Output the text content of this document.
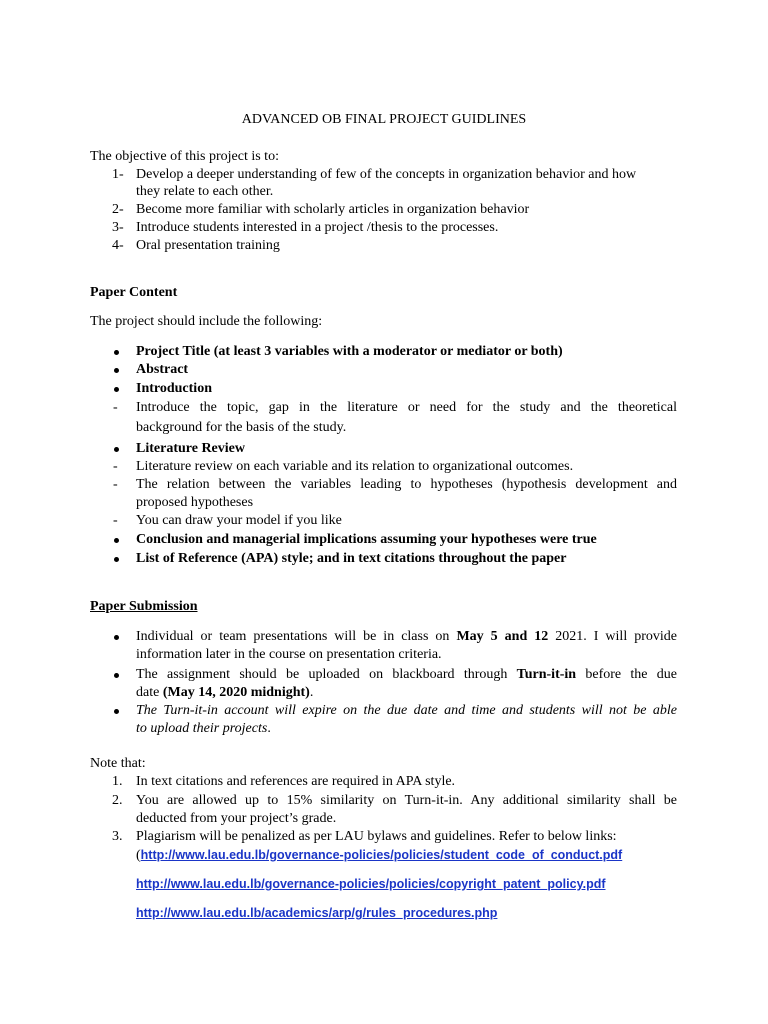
ADVANCED OB FINAL PROJECT GUIDLINES
The objective of this project is to:
1- Develop a deeper understanding of few of the concepts in organization behavior and how
they relate to each other.
2- Become more familiar with scholarly articles in organization behavior
3- Introduce students interested in a project /thesis to the processes.
4- Oral presentation training
Paper Content
The project should include the following:
Project Title (at least 3 variables with a moderator or mediator or both)
Abstract
Introduction
- Introduce the topic, gap in the literature or need for the study and the theoretical
background for the basis of the study.
Literature Review
- Literature review on each variable and its relation to organizational outcomes.
- The relation between the variables leading to hypotheses (hypothesis development and
proposed hypotheses
- You can draw your model if you like
Conclusion and managerial implications assuming your hypotheses were true
List of Reference (APA) style; and in text citations throughout the paper
Paper Submission
Individual or team presentations will be in class on May 5 and 12 2021. I will provide
information later in the course on presentation criteria.
The assignment should be uploaded on blackboard through Turn-it-in before the due
date (May 14, 2020 midnight).
The Turn-it-in account will expire on the due date and time and students will not be able
to upload their projects.
Note that:
1. In text citations and references are required in APA style.
2. You are allowed up to 15% similarity on Turn-it-in. Any additional similarity shall be
deducted from your project’s grade.
3. Plagiarism will be penalized as per LAU bylaws and guidelines. Refer to below links:
(http://www.lau.edu.lb/governance-policies/policies/student_code_of_conduct.pdf
http://www.lau.edu.lb/governance-policies/policies/copyright_patent_policy.pdf
http://www.lau.edu.lb/academics/arp/g/rules_procedures.php
